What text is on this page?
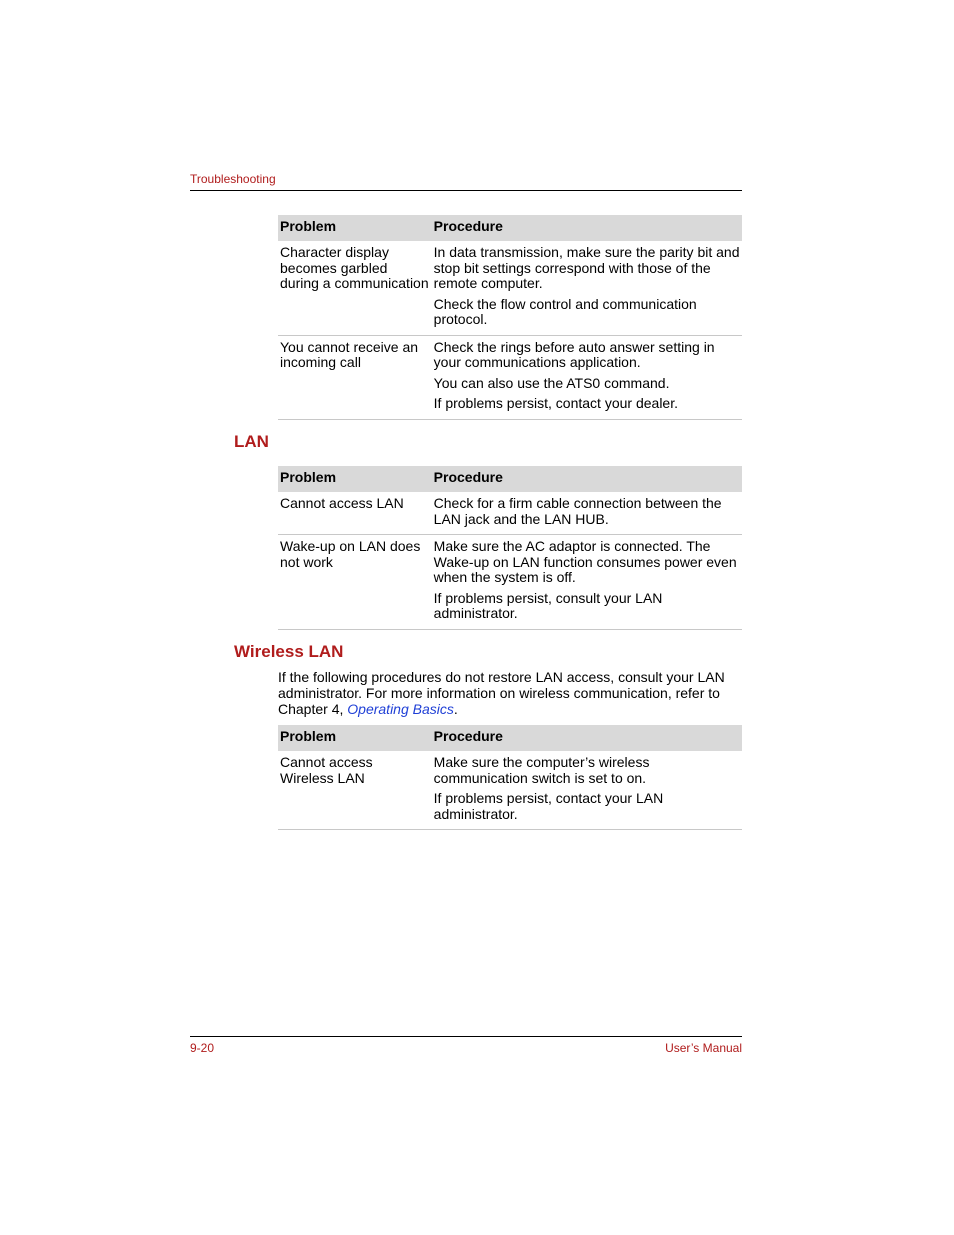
Troubleshooting
Problem	Procedure
Character display becomes garbled during a communication	In data transmission, make sure the parity bit and stop bit settings correspond with those of the remote computer.

Check the flow control and communication protocol.

You cannot receive an incoming call	Check the rings before auto answer setting in your communications application.

You can also use the ATS0 command.

If problems persist, contact your dealer.

LAN
Problem	Procedure
Cannot access LAN	Check for a firm cable connection between the LAN jack and the LAN HUB.

Wake-up on LAN does not work	Make sure the AC adaptor is connected. The Wake-up on LAN function consumes power even when the system is off.

If problems persist, consult your LAN administrator.

Wireless LAN
If the following procedures do not restore LAN access, consult your LAN administrator. For more information on wireless communication, refer to Chapter 4, Operating Basics.
Problem	Procedure
Cannot access Wireless LAN	Make sure the computer’s wireless communication switch is set to on.

If problems persist, contact your LAN administrator.

9-20	User’s Manual
